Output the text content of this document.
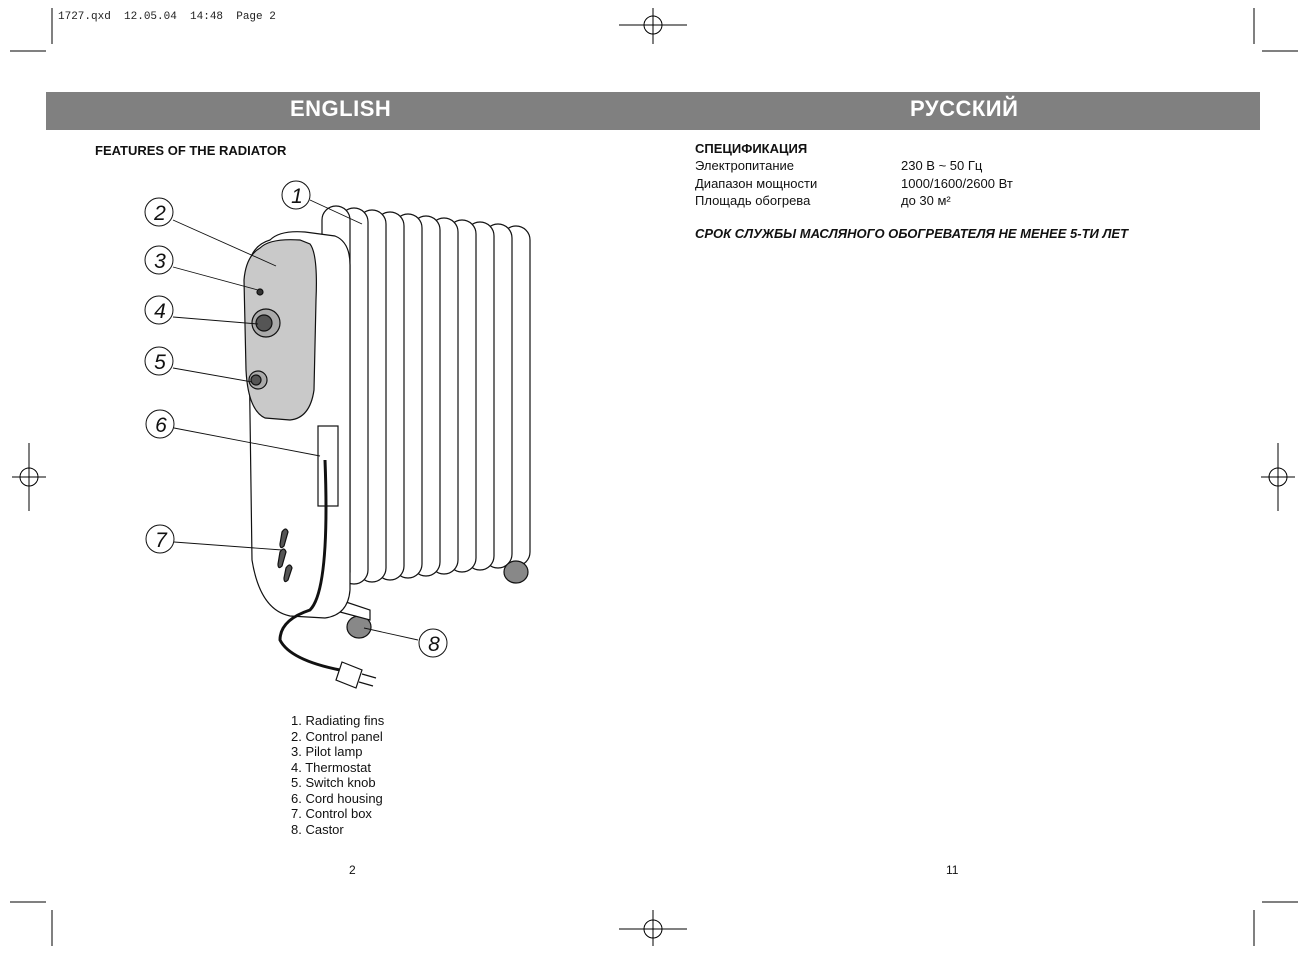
1727.qxd  12.05.04  14:48  Page 2
ENGLISH	РУССКИЙ
FEATURES OF THE RADIATOR
1
2
3
4
5
6
7
8
1. Radiating fins
2. Control panel
3. Pilot lamp
4. Thermostat
5. Switch knob
6. Cord housing
7. Control box
8. Castor
2
СПЕЦИФИКАЦИЯ
Электропитание	230 В ~ 50 Гц
Диапазон мощности	1000/1600/2600 Вт
Площадь обогрева	до 30 м²
СРОК СЛУЖБЫ МАСЛЯНОГО ОБОГРЕВАТЕЛЯ НЕ МЕНЕЕ 5-ТИ ЛЕТ
11
